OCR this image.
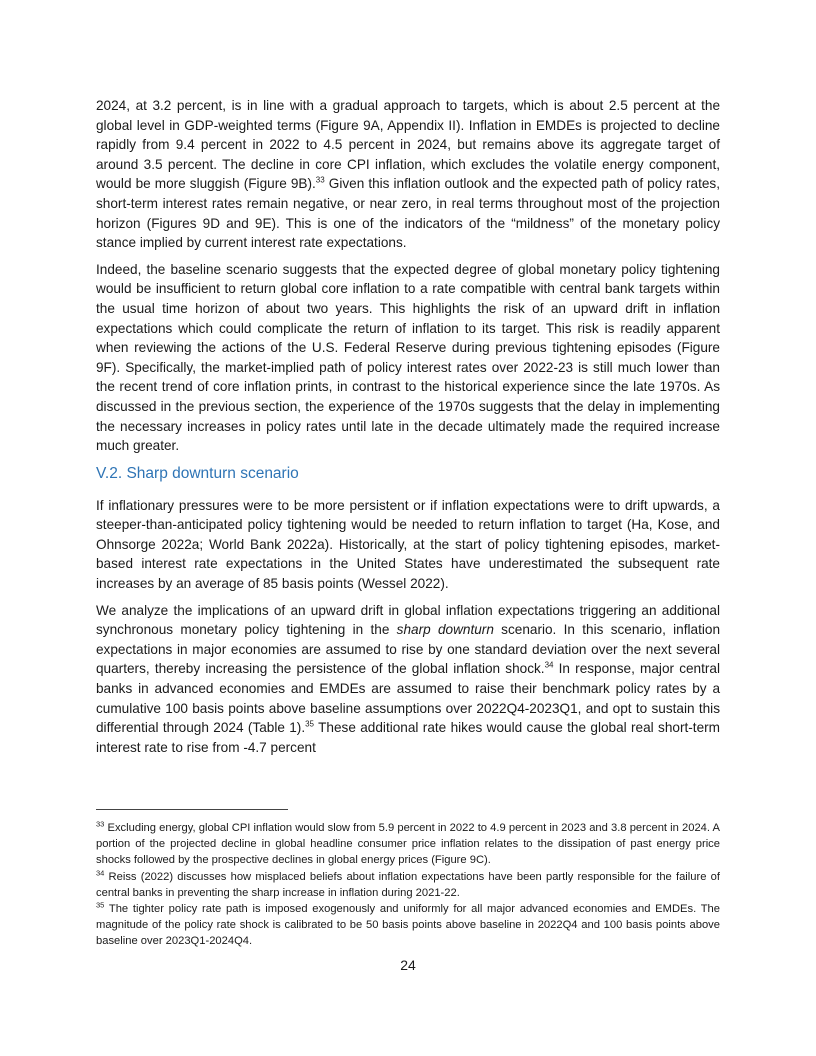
2024, at 3.2 percent, is in line with a gradual approach to targets, which is about 2.5 percent at the global level in GDP-weighted terms (Figure 9A, Appendix II). Inflation in EMDEs is projected to decline rapidly from 9.4 percent in 2022 to 4.5 percent in 2024, but remains above its aggregate target of around 3.5 percent. The decline in core CPI inflation, which excludes the volatile energy component, would be more sluggish (Figure 9B).$^{33}$ Given this inflation outlook and the expected path of policy rates, short-term interest rates remain negative, or near zero, in real terms throughout most of the projection horizon (Figures 9D and 9E). This is one of the indicators of the “mildness” of the monetary policy stance implied by current interest rate expectations.

Indeed, the baseline scenario suggests that the expected degree of global monetary policy tightening would be insufficient to return global core inflation to a rate compatible with central bank targets within the usual time horizon of about two years. This highlights the risk of an upward drift in inflation expectations which could complicate the return of inflation to its target. This risk is readily apparent when reviewing the actions of the U.S. Federal Reserve during previous tightening episodes (Figure 9F). Specifically, the market-implied path of policy interest rates over 2022-23 is still much lower than the recent trend of core inflation prints, in contrast to the historical experience since the late 1970s. As discussed in the previous section, the experience of the 1970s suggests that the delay in implementing the necessary increases in policy rates until late in the decade ultimately made the required increase much greater.

V.2. Sharp downturn scenario

If inflationary pressures were to be more persistent or if inflation expectations were to drift upwards, a steeper-than-anticipated policy tightening would be needed to return inflation to target (Ha, Kose, and Ohnsorge 2022a; World Bank 2022a). Historically, at the start of policy tightening episodes, market-based interest rate expectations in the United States have underestimated the subsequent rate increases by an average of 85 basis points (Wessel 2022).

We analyze the implications of an upward drift in global inflation expectations triggering an additional synchronous monetary policy tightening in the sharp downturn scenario. In this scenario, inflation expectations in major economies are assumed to rise by one standard deviation over the next several quarters, thereby increasing the persistence of the global inflation shock.$^{34}$ In response, major central banks in advanced economies and EMDEs are assumed to raise their benchmark policy rates by a cumulative 100 basis points above baseline assumptions over 2022Q4-2023Q1, and opt to sustain this differential through 2024 (Table 1).$^{35}$ These additional rate hikes would cause the global real short-term interest rate to rise from -4.7 percent

$^{33}$ Excluding energy, global CPI inflation would slow from 5.9 percent in 2022 to 4.9 percent in 2023 and 3.8 percent in 2024. A portion of the projected decline in global headline consumer price inflation relates to the dissipation of past energy price shocks followed by the prospective declines in global energy prices (Figure 9C).

$^{34}$ Reiss (2022) discusses how misplaced beliefs about inflation expectations have been partly responsible for the failure of central banks in preventing the sharp increase in inflation during 2021-22.

$^{35}$ The tighter policy rate path is imposed exogenously and uniformly for all major advanced economies and EMDEs. The magnitude of the policy rate shock is calibrated to be 50 basis points above baseline in 2022Q4 and 100 basis points above baseline over 2023Q1-2024Q4.

24
